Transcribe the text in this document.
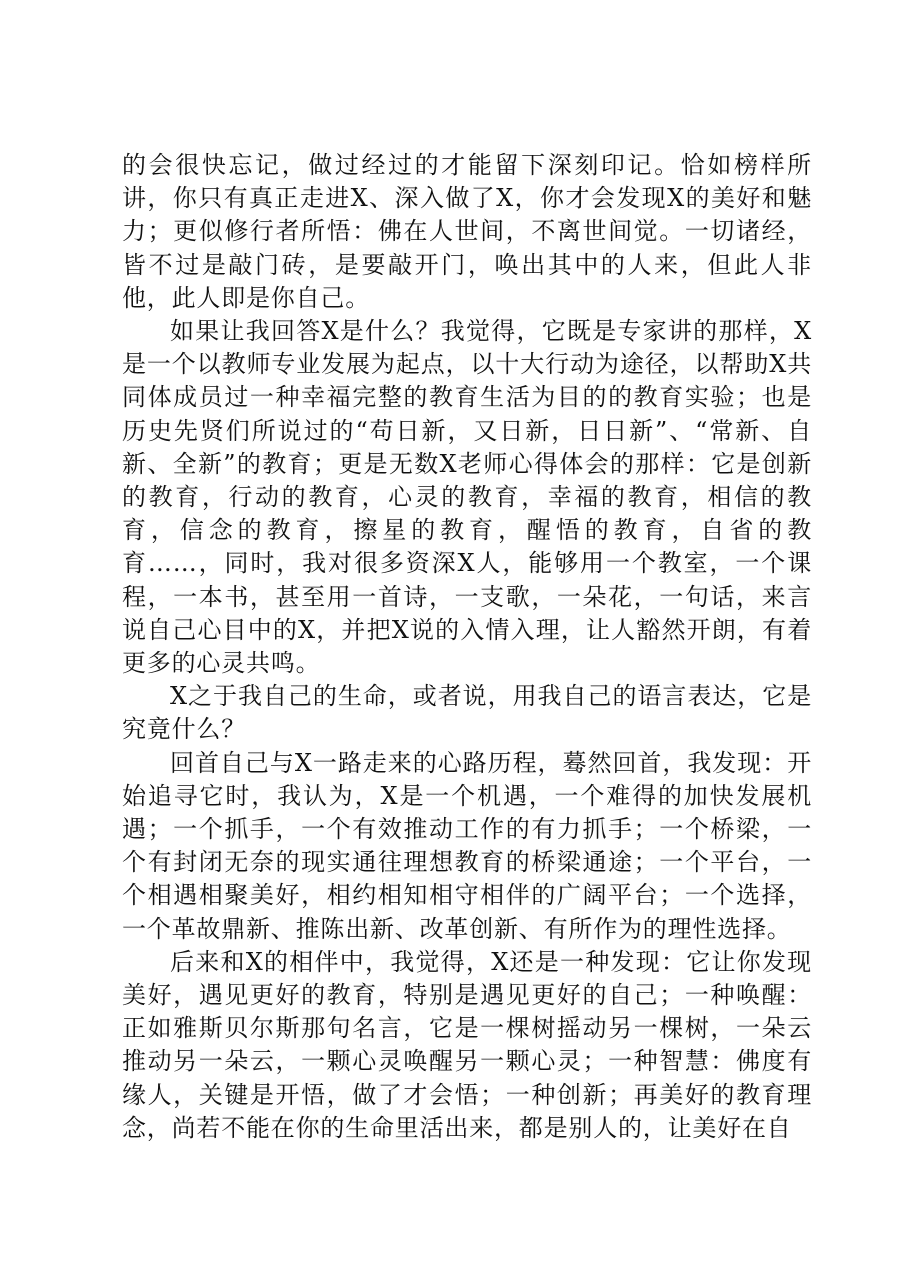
的会很快忘记，做过经过的才能留下深刻印记。恰如榜样所讲，你只有真正走进X、深入做了X，你才会发现X的美好和魅力；更似修行者所悟：佛在人世间，不离世间觉。一切诸经，皆不过是敲门砖，是要敲开门，唤出其中的人来，但此人非他，此人即是你自己。

如果让我回答X是什么？我觉得，它既是专家讲的那样，X是一个以教师专业发展为起点，以十大行动为途径，以帮助X共同体成员过一种幸福完整的教育生活为目的的教育实验；也是历史先贤们所说过的“苟日新，又日新，日日新”、“常新、自新、全新”的教育；更是无数X老师心得体会的那样：它是创新的教育，行动的教育，心灵的教育，幸福的教育，相信的教育，信念的教育，擦星的教育，醒悟的教育，自省的教育……，同时，我对很多资深X人，能够用一个教室，一个课程，一本书，甚至用一首诗，一支歌，一朵花，一句话，来言说自己心目中的X，并把X说的入情入理，让人豁然开朗，有着更多的心灵共鸣。

X之于我自己的生命，或者说，用我自己的语言表达，它是究竟什么？

回首自己与X一路走来的心路历程，蓦然回首，我发现：开始追寻它时，我认为，X是一个机遇，一个难得的加快发展机遇；一个抓手，一个有效推动工作的有力抓手；一个桥梁，一个有封闭无奈的现实通往理想教育的桥梁通途；一个平台，一个相遇相聚美好，相约相知相守相伴的广阔平台；一个选择，一个革故鼎新、推陈出新、改革创新、有所作为的理性选择。

后来和X的相伴中，我觉得，X还是一种发现：它让你发现美好，遇见更好的教育，特别是遇见更好的自己；一种唤醒：正如雅斯贝尔斯那句名言，它是一棵树摇动另一棵树，一朵云推动另一朵云，一颗心灵唤醒另一颗心灵；一种智慧：佛度有缘人，关键是开悟，做了才会悟；一种创新；再美好的教育理念，尚若不能在你的生命里活出来，都是别人的，让美好在自
